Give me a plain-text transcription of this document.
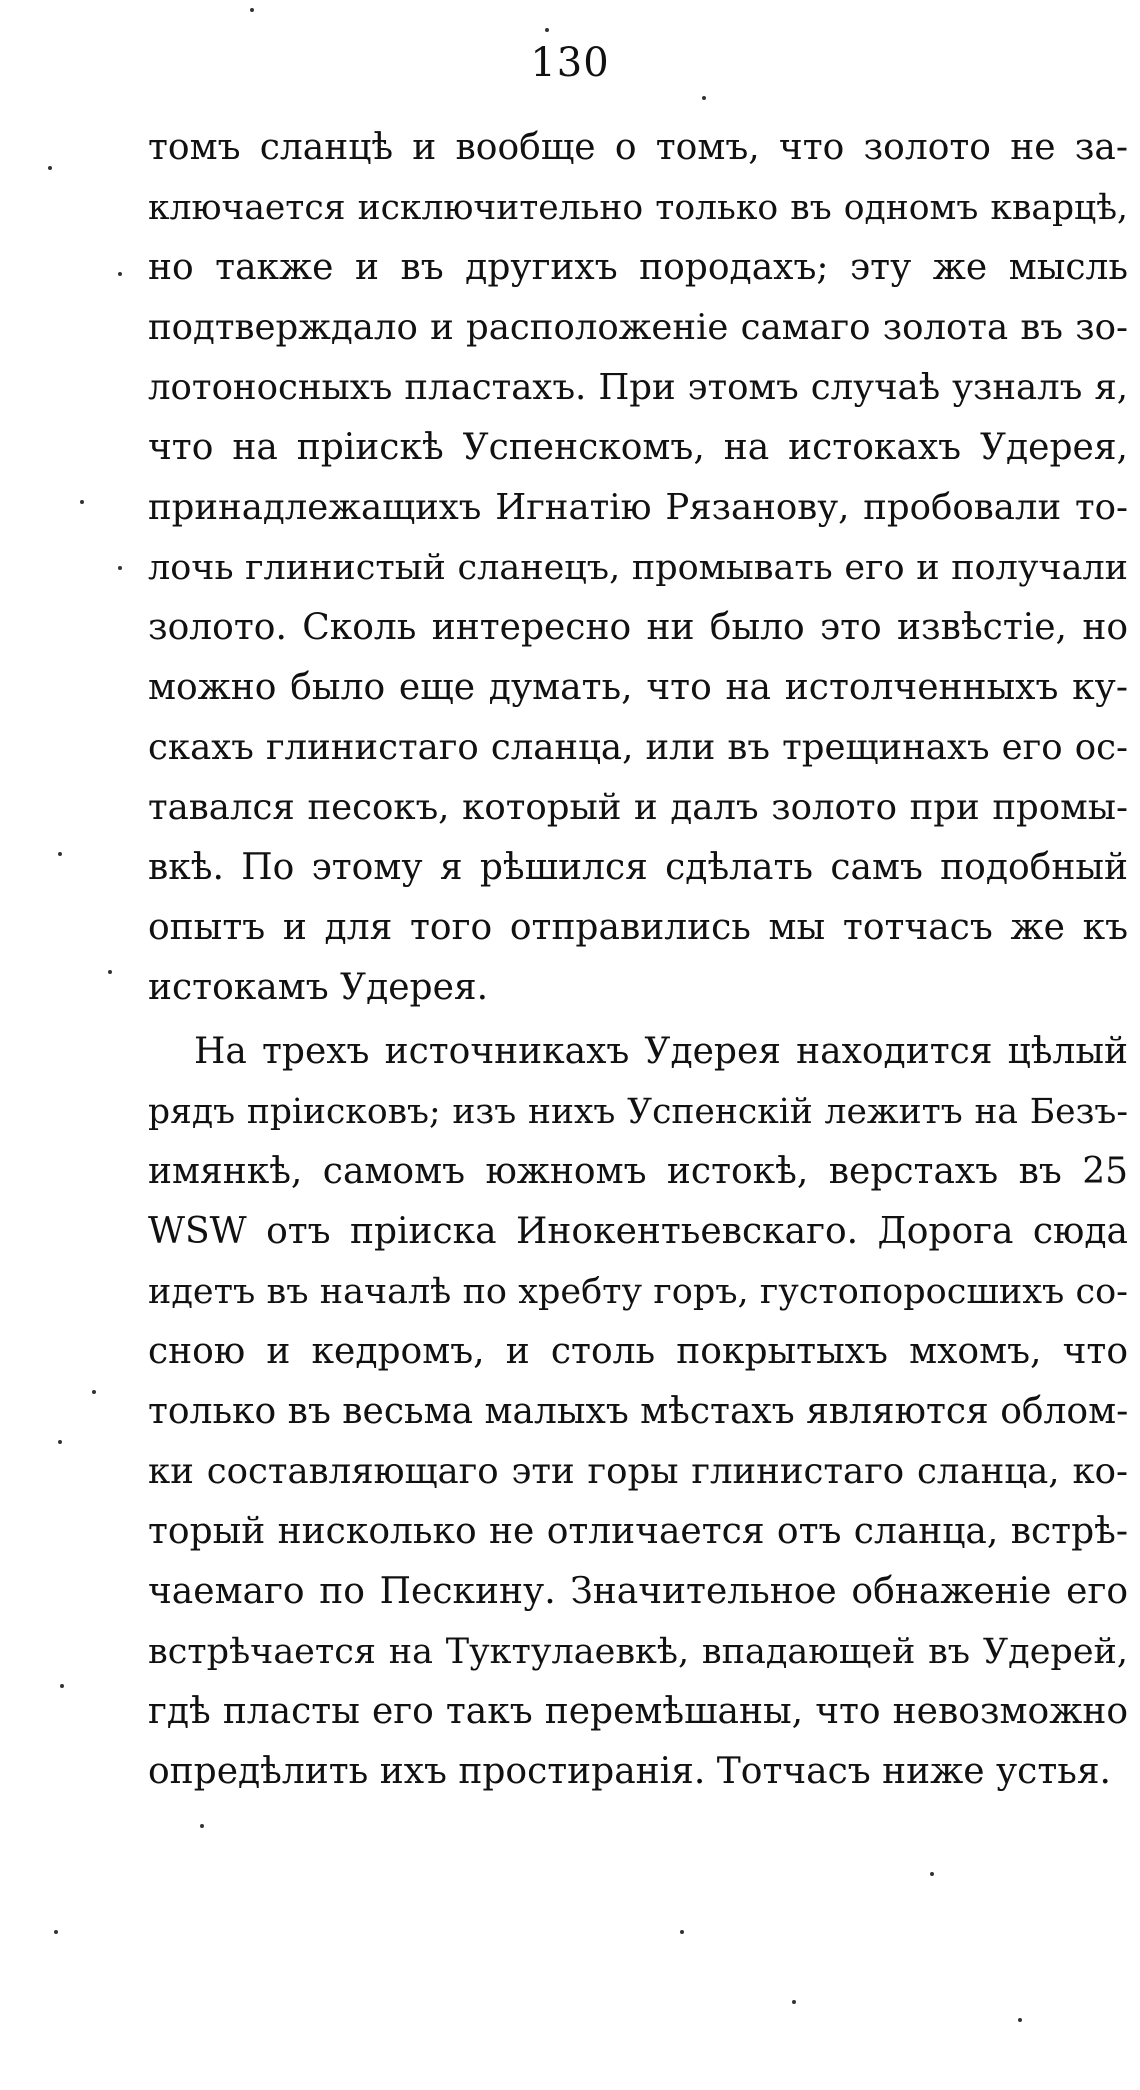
130
томъ сланцѣ и вообще о томъ, что золото не за-
ключается исключительно только въ одномъ кварцѣ,
но также и въ другихъ породахъ; эту же мысль
подтверждало и расположеніе самаго золота въ зо-
лотоносныхъ пластахъ. При этомъ случаѣ узналъ я,
что на пріискѣ Успенскомъ, на истокахъ Удерея,
принадлежащихъ Игнатію Рязанову, пробовали то-
лочь глинистый сланецъ, промывать его и получали
золото. Сколь интересно ни было это извѣстіе, но
можно было еще думать, что на истолченныхъ ку-
скахъ глинистаго сланца, или въ трещинахъ его ос-
тавался песокъ, который и далъ золото при промы-
вкѣ. По этому я рѣшился сдѣлать самъ подобный
опытъ и для того отправились мы тотчасъ же къ
истокамъ Удерея.
На трехъ источникахъ Удерея находится цѣлый
рядъ пріисковъ; изъ нихъ Успенскій лежитъ на Безъ-
имянкѣ, самомъ южномъ истокѣ, верстахъ въ 25
WSW отъ пріиска Инокентьевскаго. Дорога сюда
идетъ въ началѣ по хребту горъ, густопоросшихъ со-
сною и кедромъ, и столь покрытыхъ мхомъ, что
только въ весьма малыхъ мѣстахъ являются облом-
ки составляющаго эти горы глинистаго сланца, ко-
торый нисколько не отличается отъ сланца, встрѣ-
чаемаго по Пескину. Значительное обнаженіе его
встрѣчается на Туктулаевкѣ, впадающей въ Удерей,
гдѣ пласты его такъ перемѣшаны, что невозможно
опредѣлить ихъ простиранія. Тотчасъ ниже устья.
